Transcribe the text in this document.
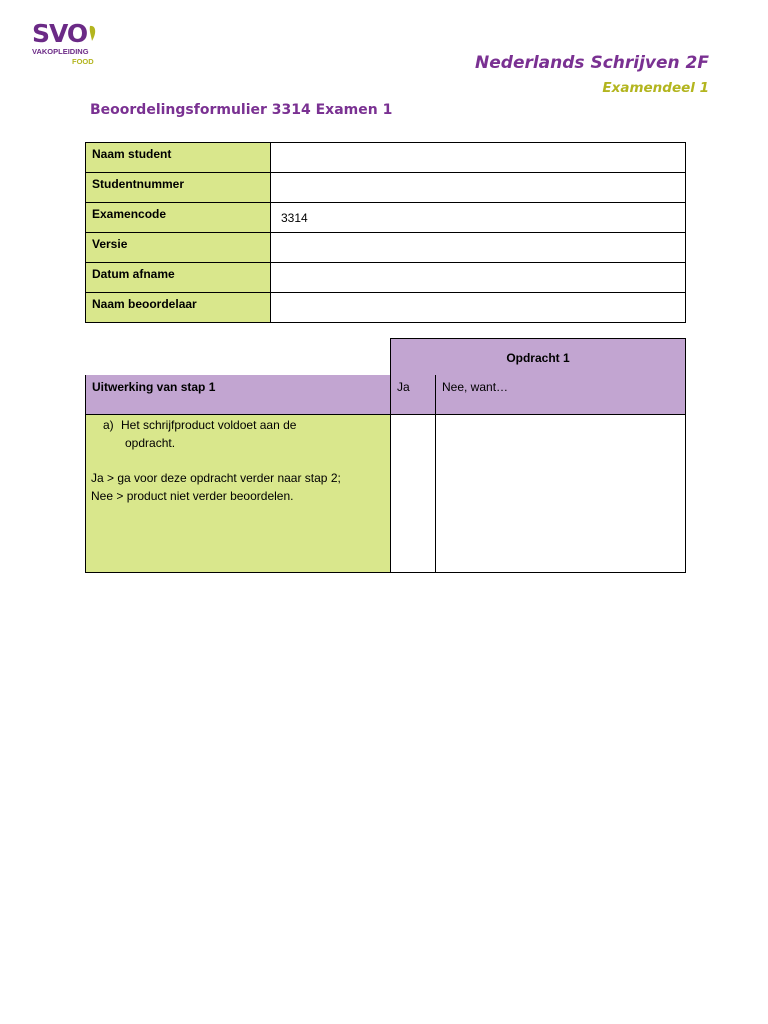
SVO
VAKOPLEIDING
FOOD	Nederlands Schrijven 2F
Examendeel 1
Beoordelingsformulier 3314 Examen 1
Naam student	
Studentnummer	
Examencode	3314
Versie	
Datum afname	
Naam beoordelaar	
Opdracht 1
Uitwerking van stap 1	Ja	Nee, want…
a) Het schrijfproduct voldoet aan de
opdracht.
Ja > ga voor deze opdracht verder naar stap 2;
Nee > product niet verder beoordelen.
